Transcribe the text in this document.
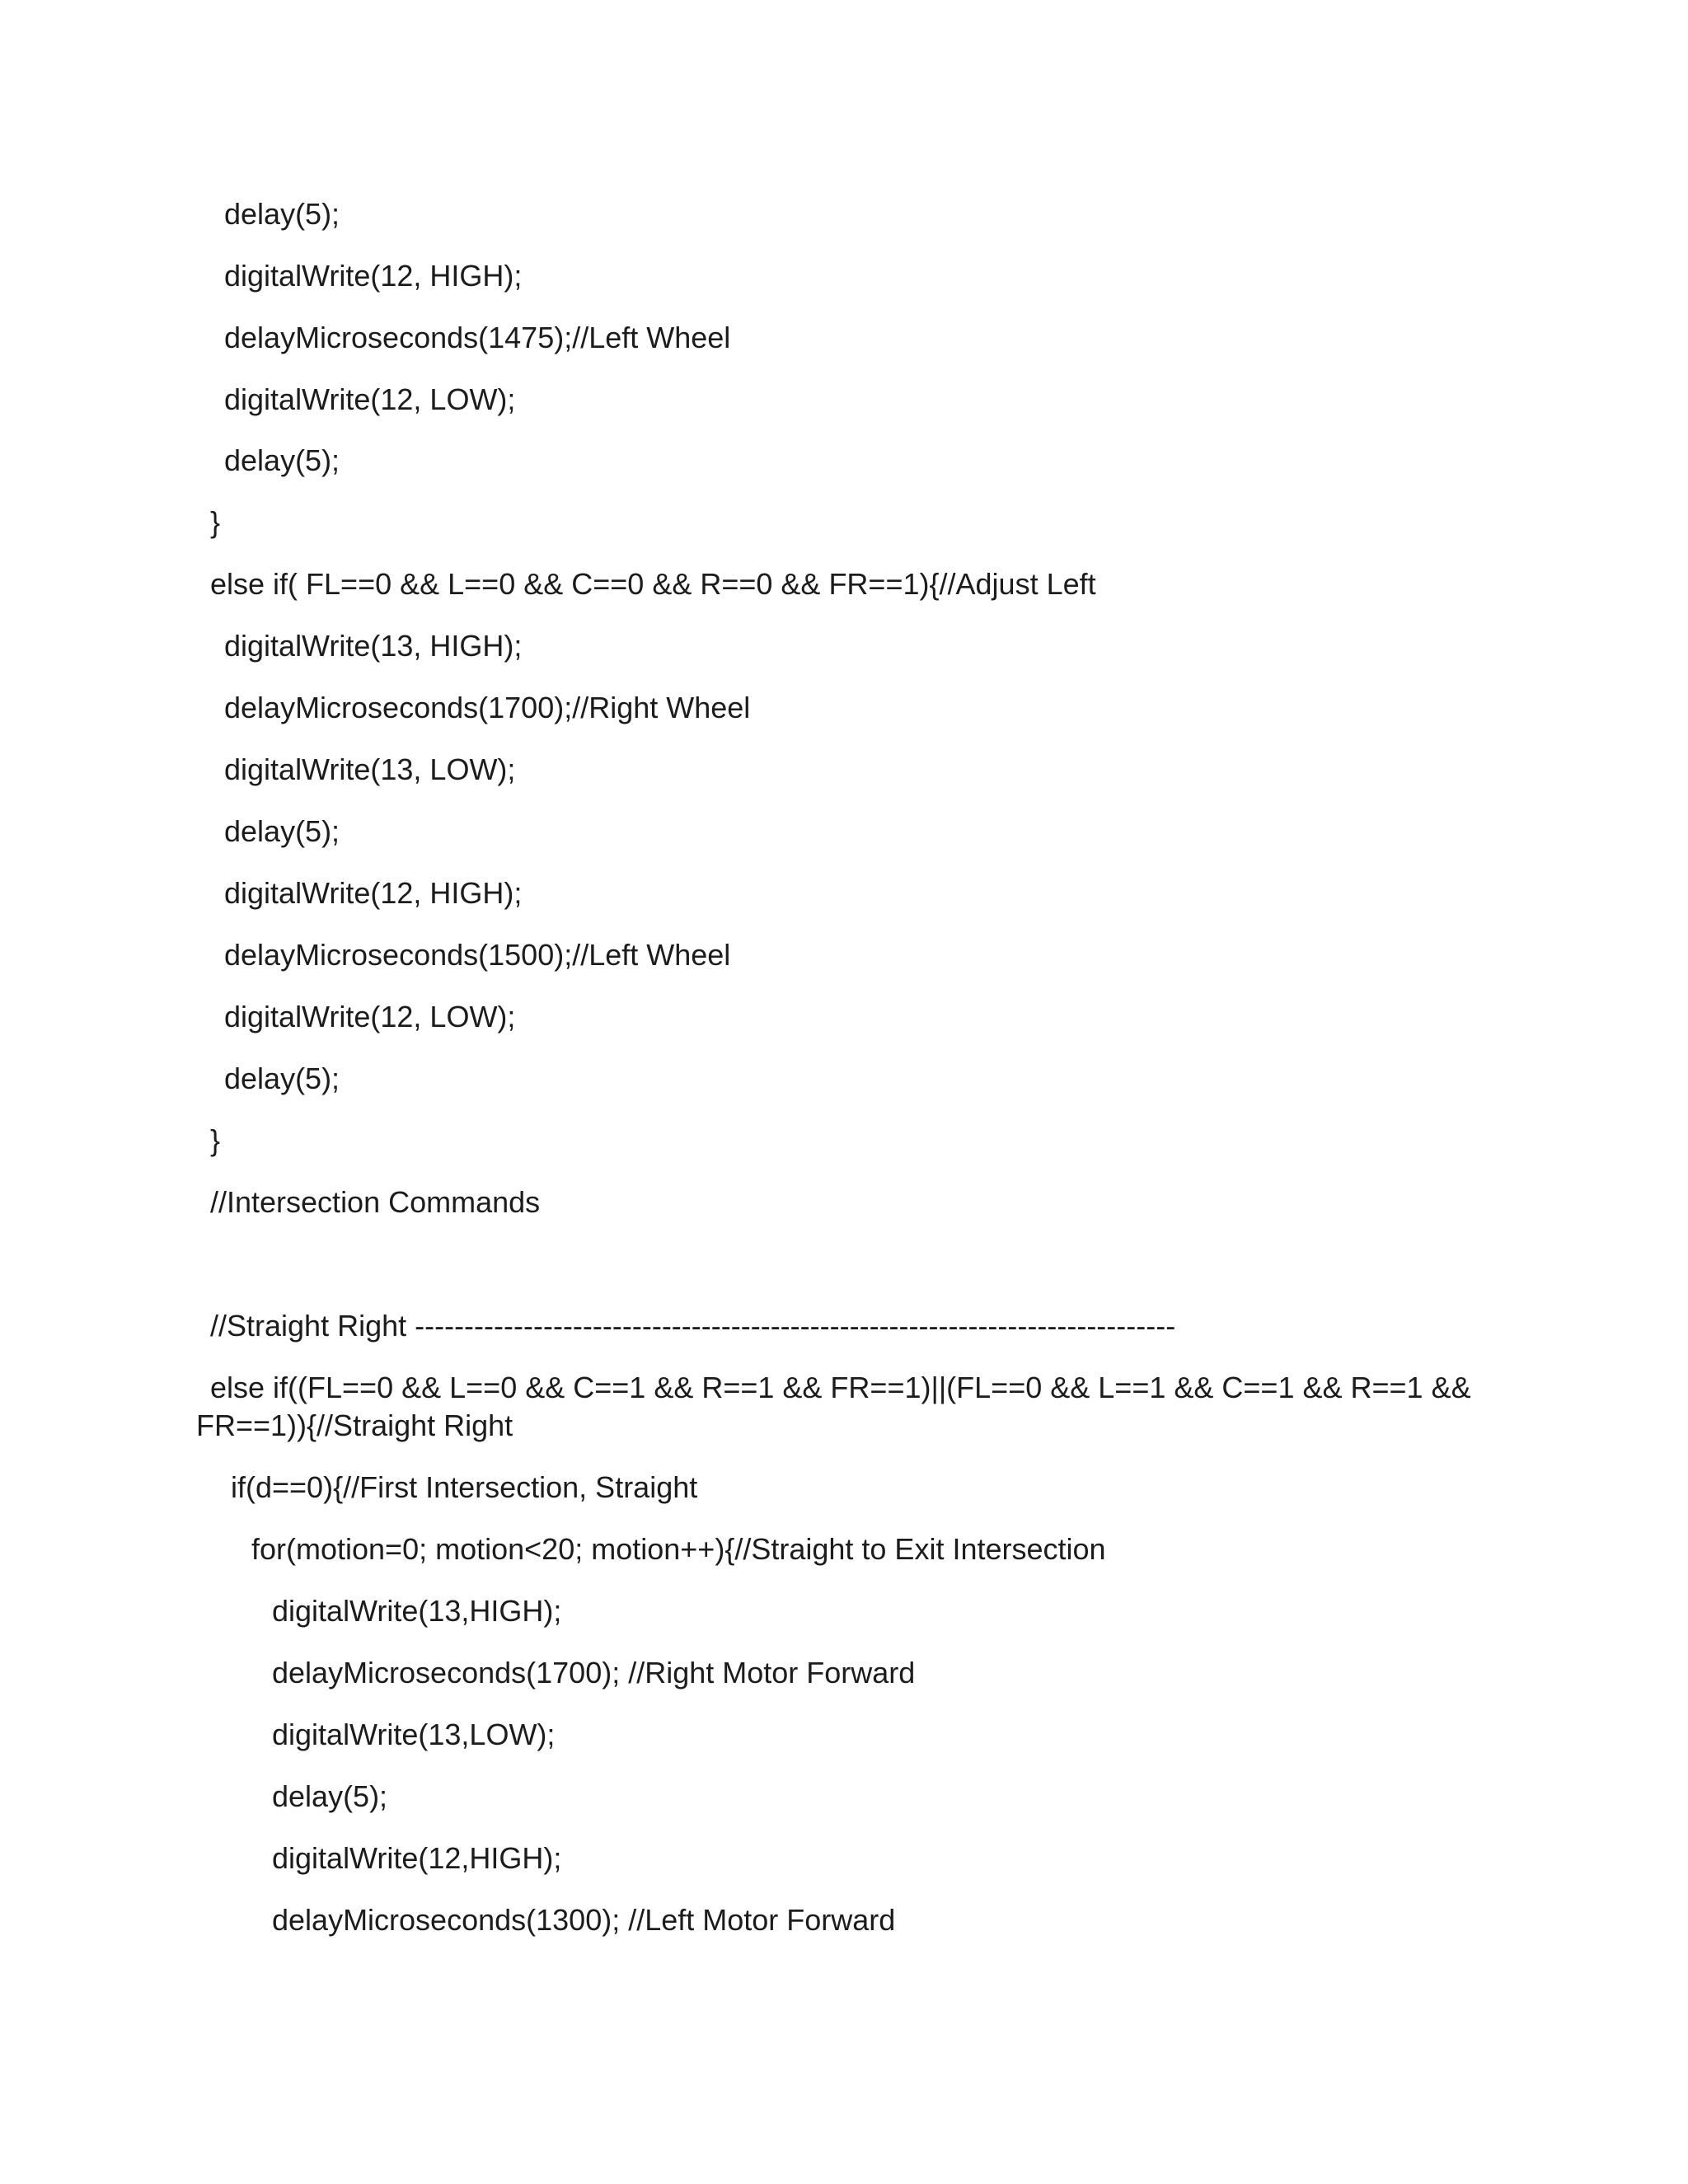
delay(5);

digitalWrite(12, HIGH);

delayMicroseconds(1475);//Left Wheel

digitalWrite(12, LOW);

delay(5);

}

else if( FL==0 && L==0 && C==0 && R==0 && FR==1){//Adjust Left

digitalWrite(13, HIGH);

delayMicroseconds(1700);//Right Wheel

digitalWrite(13, LOW);

delay(5);

digitalWrite(12, HIGH);

delayMicroseconds(1500);//Left Wheel

digitalWrite(12, LOW);

delay(5);

}

//Intersection Commands

//Straight Right -----------------------------------------------------------------------------

else if((FL==0 && L==0 && C==1 && R==1 && FR==1)||(FL==0 && L==1 && C==1 && R==1 &&

FR==1)){//Straight Right

if(d==0){//First Intersection, Straight

for(motion=0; motion<20; motion++){//Straight to Exit Intersection

digitalWrite(13,HIGH);

delayMicroseconds(1700); //Right Motor Forward

digitalWrite(13,LOW);

delay(5);

digitalWrite(12,HIGH);

delayMicroseconds(1300); //Left Motor Forward
